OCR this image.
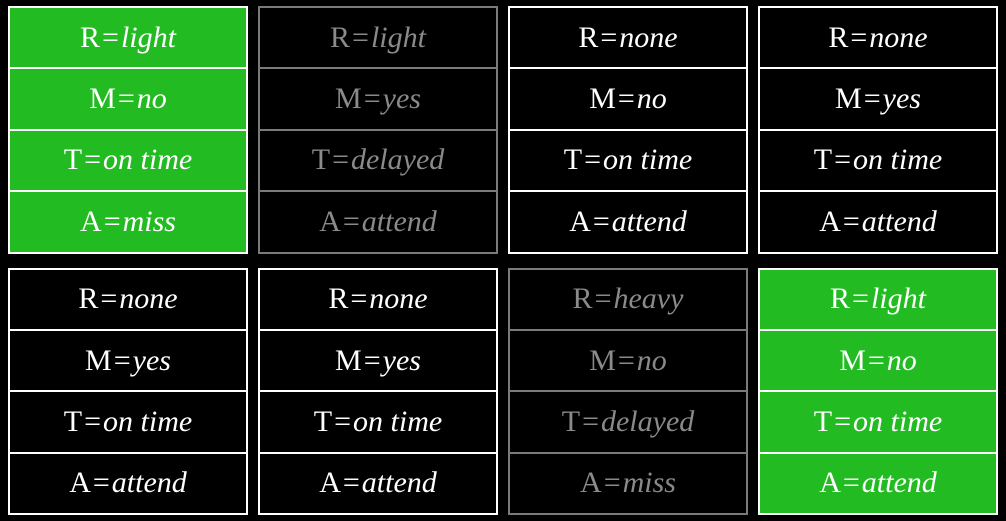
R=light
M=no
T=on time
A=miss
R=light
M=yes
T=delayed
A=attend
R=none
M=no
T=on time
A=attend
R=none
M=yes
T=on time
A=attend
R=none
M=yes
T=on time
A=attend
R=none
M=yes
T=on time
A=attend
R=heavy
M=no
T=delayed
A=miss
R=light
M=no
T=on time
A=attend
